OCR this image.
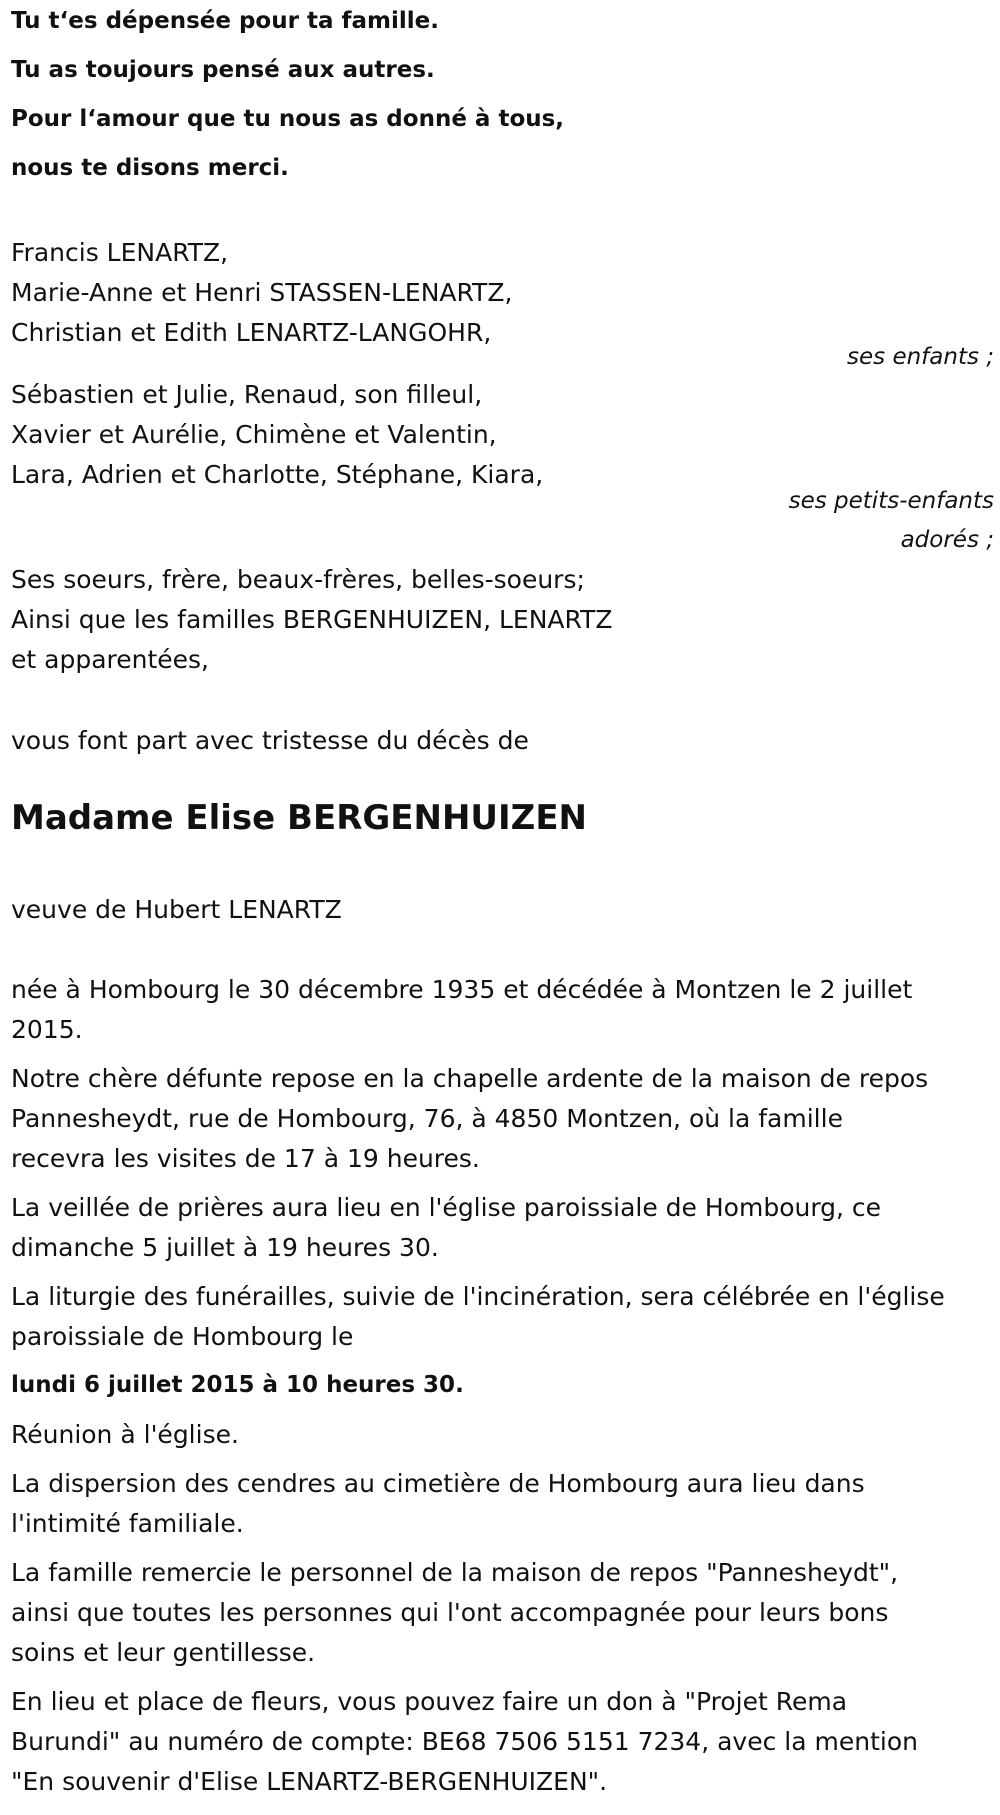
Tu t‘es dépensée pour ta famille.
Tu as toujours pensé aux autres.
Pour l‘amour que tu nous as donné à tous,
nous te disons merci.
Francis LENARTZ,
Marie-Anne et Henri STASSEN-LENARTZ,
Christian et Edith LENARTZ-LANGOHR,
ses enfants ;
Sébastien et Julie, Renaud, son filleul,
Xavier et Aurélie, Chimène et Valentin,
Lara, Adrien et Charlotte, Stéphane, Kiara,
ses petits-enfants
adorés ;
Ses soeurs, frère, beaux-frères, belles-soeurs;
Ainsi que les familles BERGENHUIZEN, LENARTZ
et apparentées,
vous font part avec tristesse du décès de
Madame Elise BERGENHUIZEN
veuve de Hubert LENARTZ
née à Hombourg le 30 décembre 1935 et décédée à Montzen le 2 juillet
2015.
Notre chère défunte repose en la chapelle ardente de la maison de repos
Pannesheydt, rue de Hombourg, 76, à 4850 Montzen, où la famille
recevra les visites de 17 à 19 heures.
La veillée de prières aura lieu en l'église paroissiale de Hombourg, ce
dimanche 5 juillet à 19 heures 30.
La liturgie des funérailles, suivie de l'incinération, sera célébrée en l'église
paroissiale de Hombourg le
lundi 6 juillet 2015 à 10 heures 30.
Réunion à l'église.
La dispersion des cendres au cimetière de Hombourg aura lieu dans
l'intimité familiale.
La famille remercie le personnel de la maison de repos "Pannesheydt",
ainsi que toutes les personnes qui l'ont accompagnée pour leurs bons
soins et leur gentillesse.
En lieu et place de fleurs, vous pouvez faire un don à "Projet Rema
Burundi" au numéro de compte: BE68 7506 5151 7234, avec la mention
"En souvenir d'Elise LENARTZ-BERGENHUIZEN".
